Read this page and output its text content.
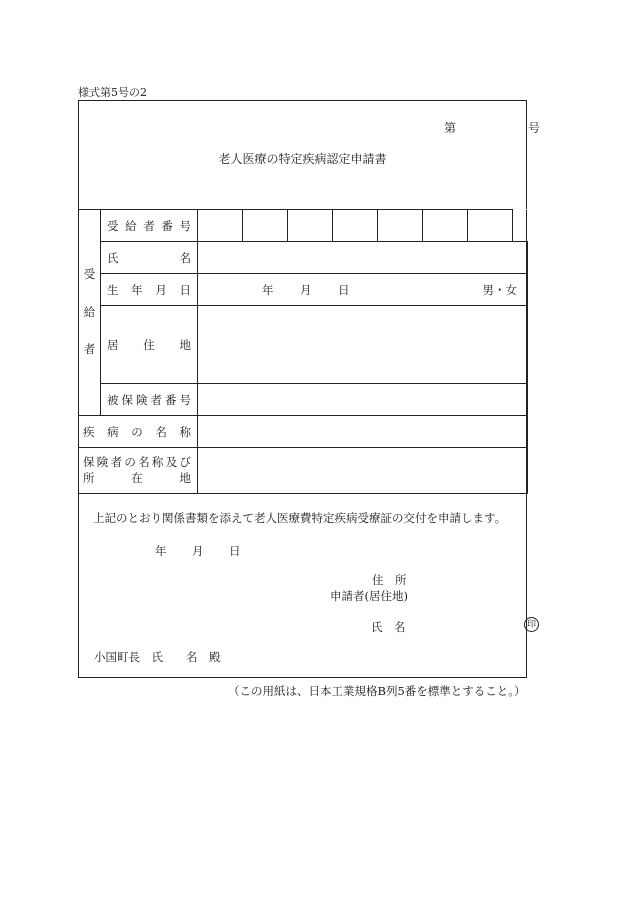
様式第5号の2
第	号
老人医療の特定疾病認定申請書
受
給
者	受給者番号								
	氏　　　名								
	生　年　月　日	年 月 日 男・女							

	居　住　地								
	被保険者番号								
疾　病　の　名　称									

保険者の名称及び
所　　在　　地									

上記のとおり関係書類を添えて老人医療費特定疾病受療証の交付を申請します。
年 月 日
住　所
申請者(居住地)
氏　名	印
小国町長　氏　　名　殿
（この用紙は、日本工業規格B列5番を標準とすること。）
